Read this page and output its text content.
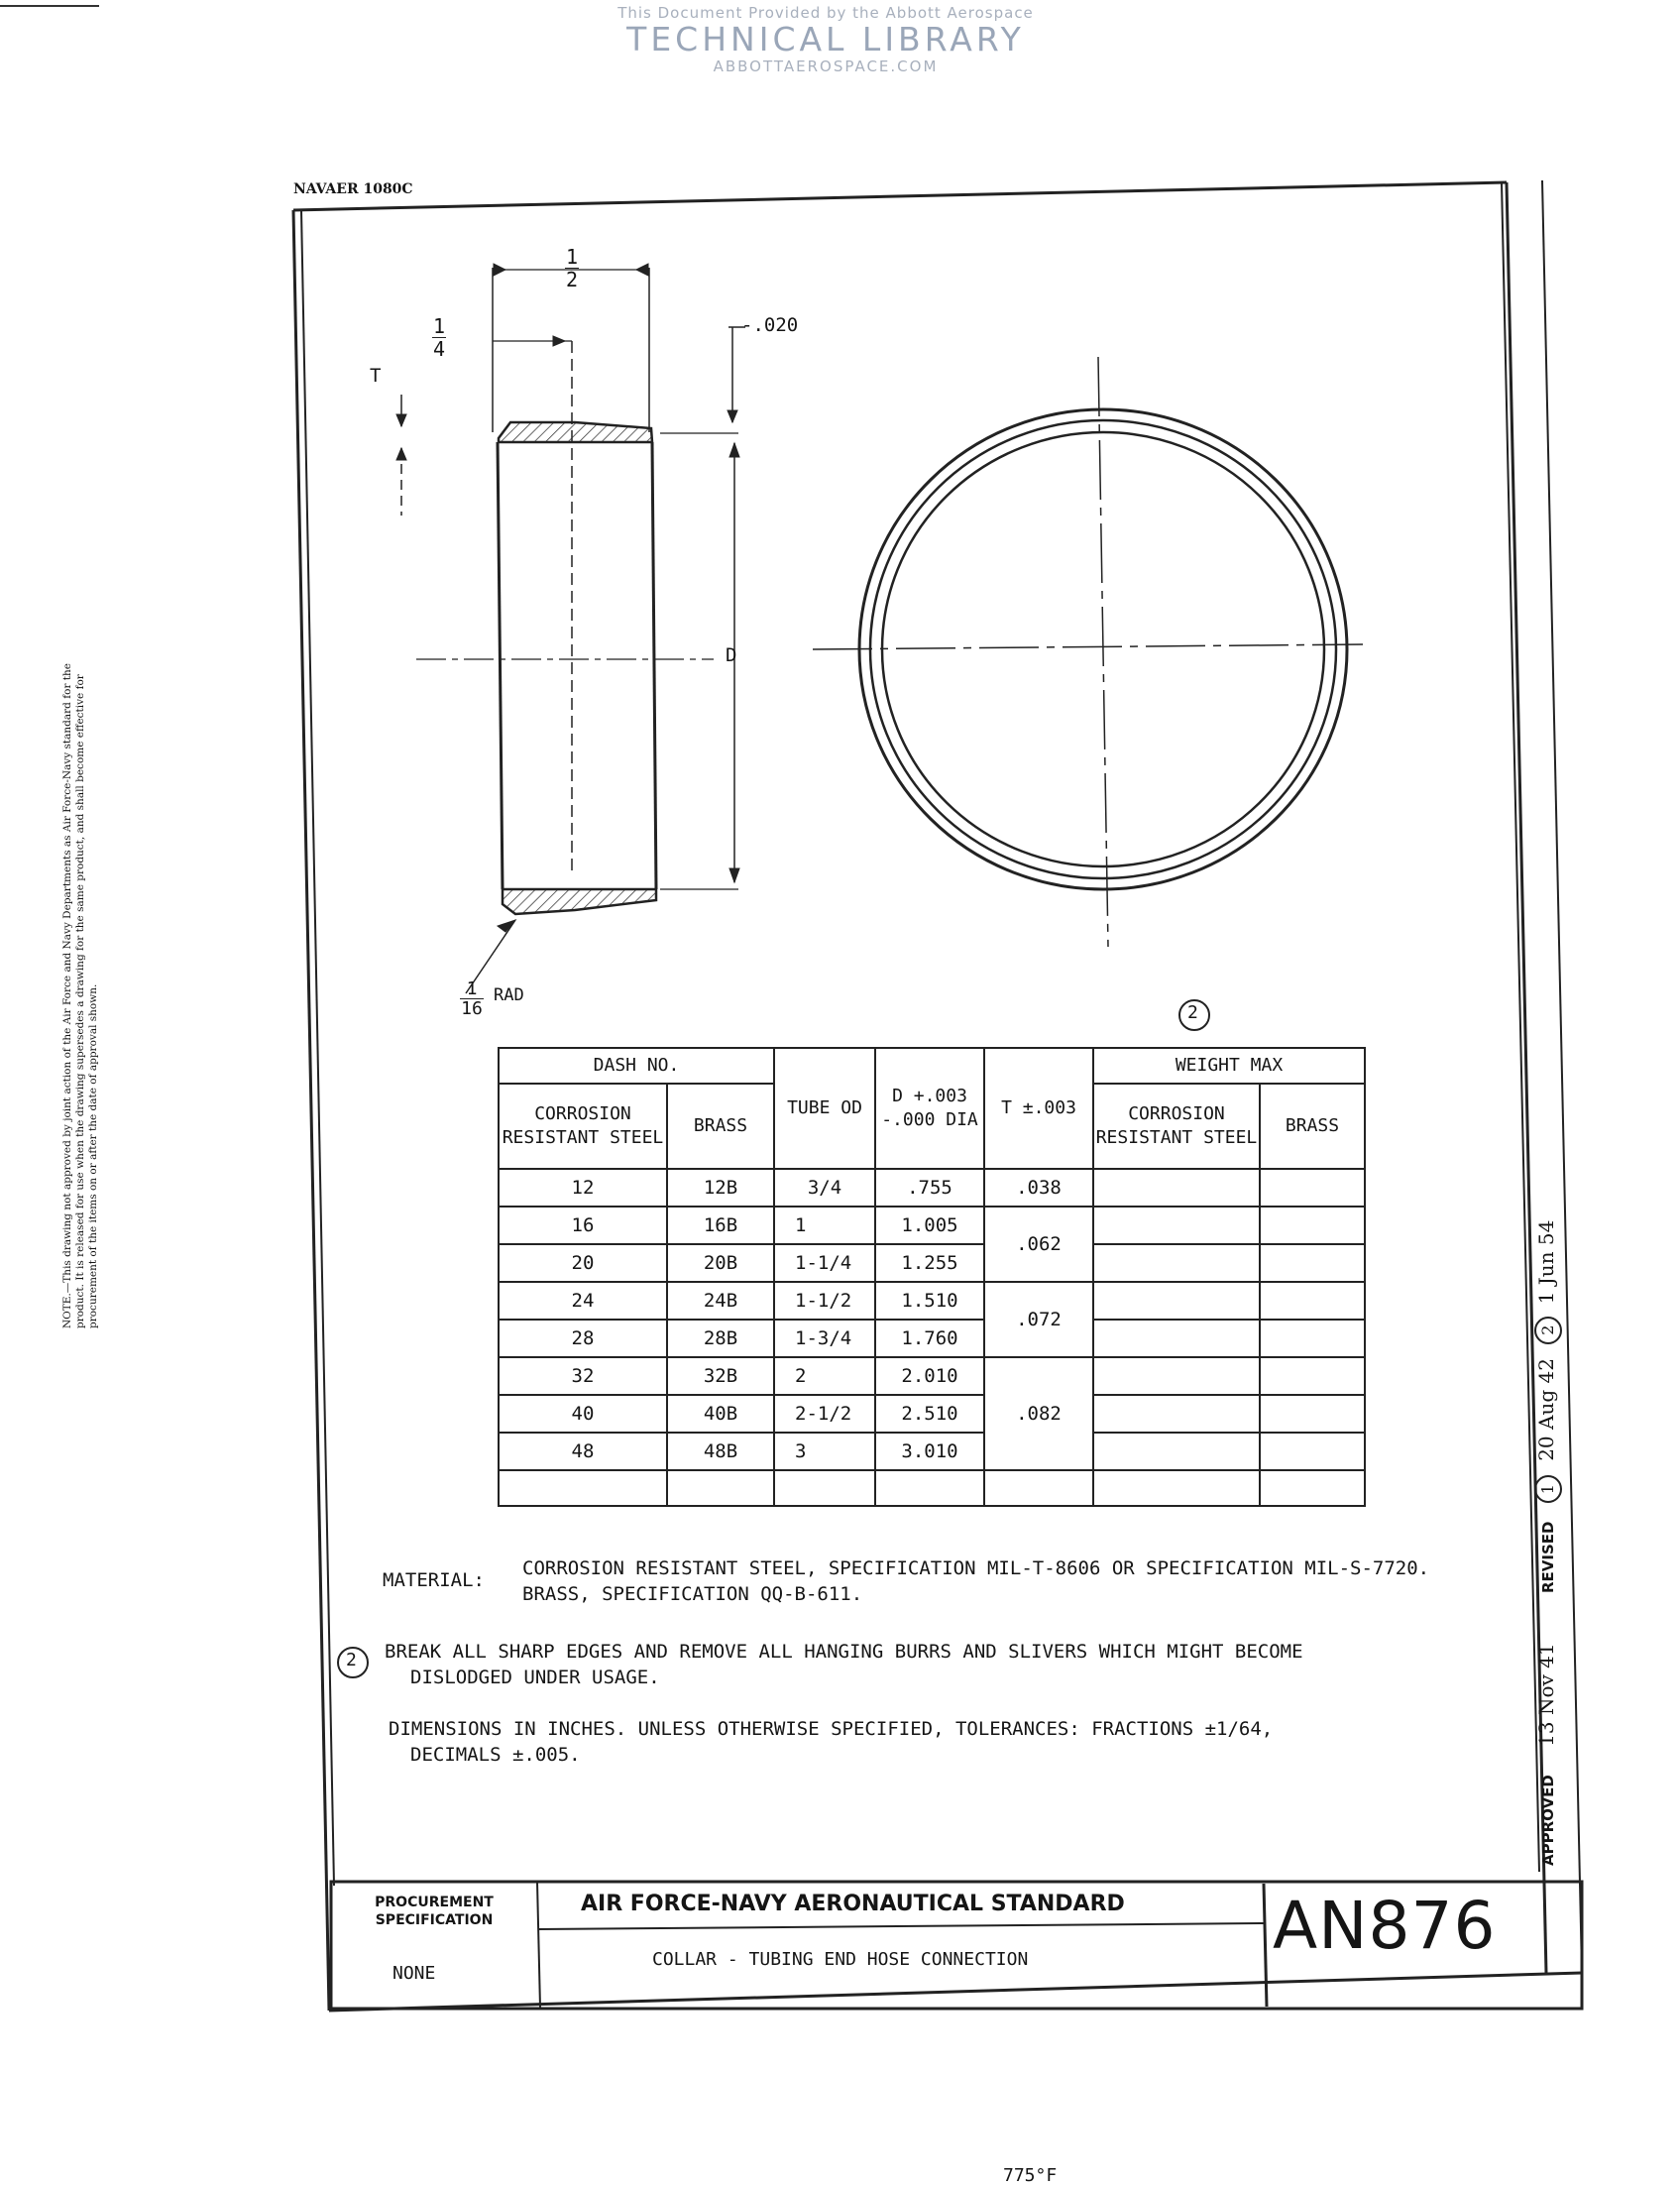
This Document Provided by the Abbott Aerospace
TECHNICAL LIBRARY
ABBOTTAEROSPACE.COM
NAVAER 1080C
NOTE.—This drawing not approved by joint action of the Air Force and Navy Departments as Air Force-Navy standard for the product. It is released for use when the drawing supersedes a drawing for the same product, and shall become effective for procurement of the items on or after the date of approval shown.
1
2
1
4
-.020
T
D
1
16
RAD
2
DASH NO.		TUBE OD	D +.003 -.000 DIA	T ±.003	WEIGHT MAX	
CORROSION RESISTANT STEEL	BRASS				CORROSION RESISTANT STEEL	BRASS
12	12B	3/4	.755	.038		
16	16B	1	1.005	.062		
20	20B	1-1/4	1.255			
24	24B	1-1/2	1.510	.072		
28	28B	1-3/4	1.760			
32	32B	2	2.010	.082		
40	40B	2-1/2	2.510			
48	48B	3	3.010			

MATERIAL:
CORROSION RESISTANT STEEL, SPECIFICATION MIL-T-8606 OR SPECIFICATION MIL-S-7720.
BRASS, SPECIFICATION QQ-B-611.
2 BREAK ALL SHARP EDGES AND REMOVE ALL HANGING BURRS AND SLIVERS WHICH MIGHT BECOME
DISLODGED UNDER USAGE.
DIMENSIONS IN INCHES. UNLESS OTHERWISE SPECIFIED, TOLERANCES: FRACTIONS ±1/64,
DECIMALS ±.005.
APPROVED 13 Nov 41 REVISED 1 20 Aug 42 2 1 Jun 54
PROCUREMENT SPECIFICATION
NONE
AIR FORCE-NAVY AERONAUTICAL STANDARD
COLLAR - TUBING END HOSE CONNECTION	AN876
775°F
